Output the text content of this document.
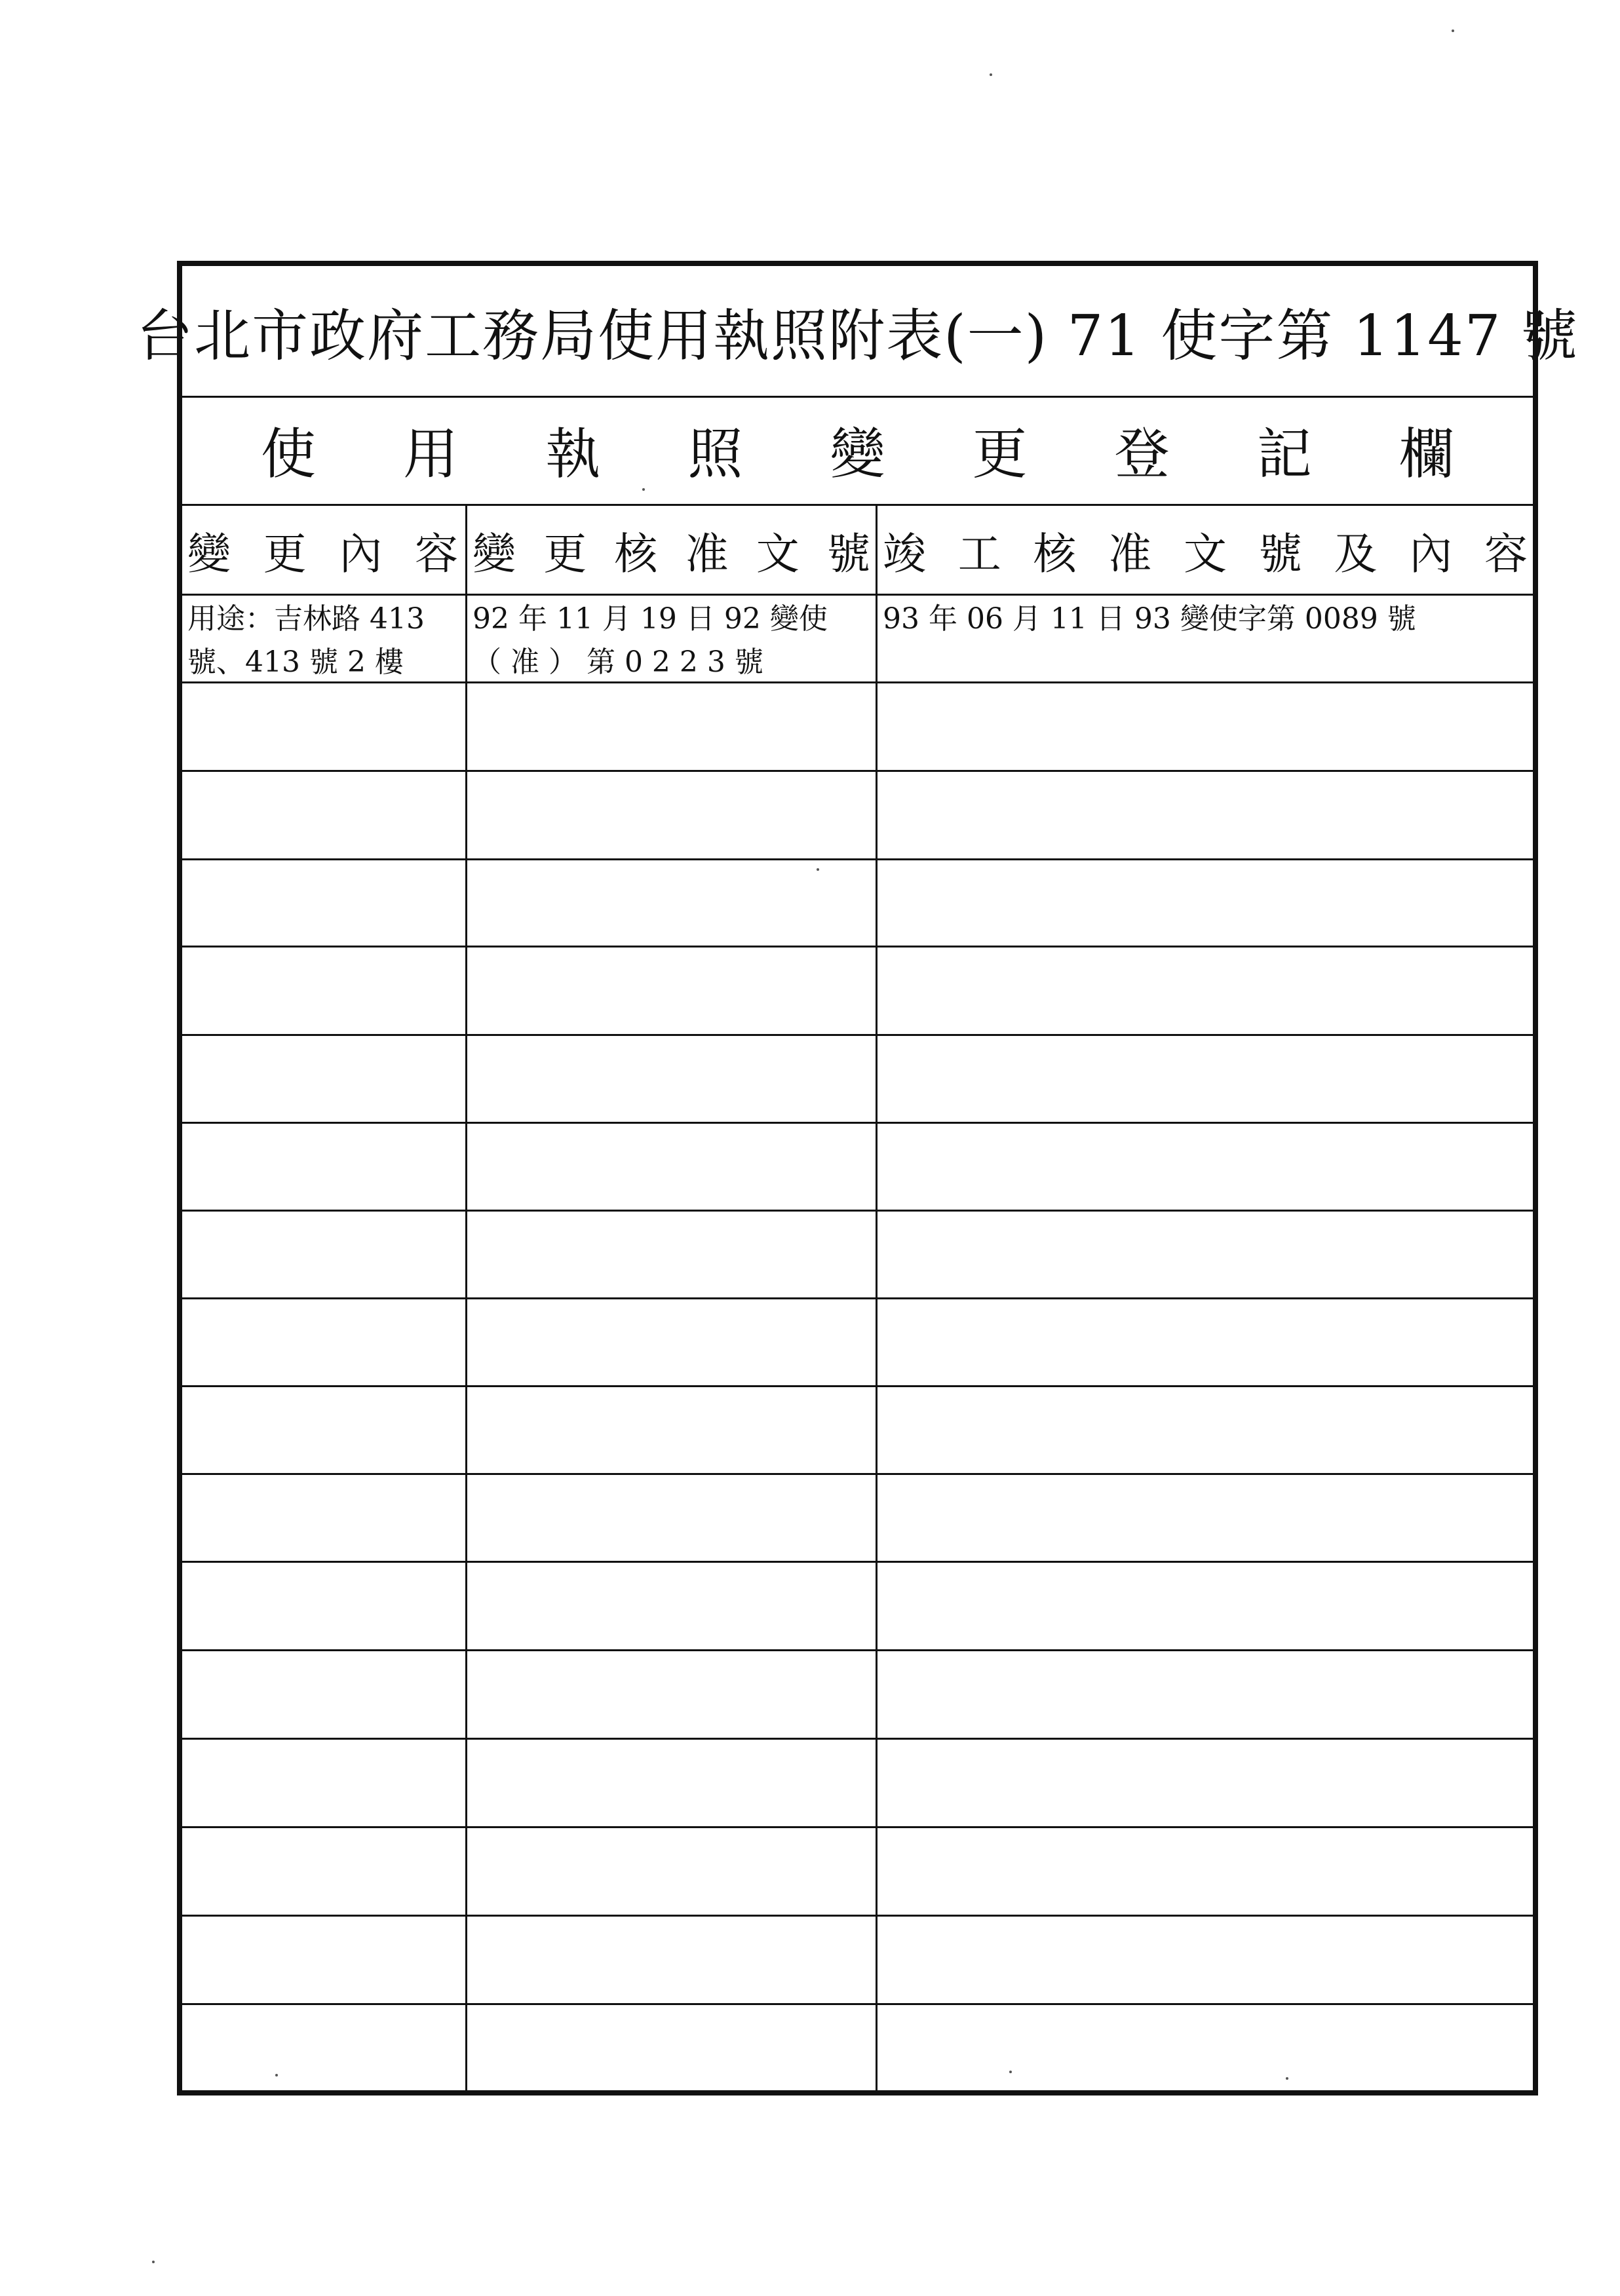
台北市政府工務局使用執照附表(一) 71 使字第 1147 號
使 用 執 照 變 更 登 記 欄
變 更 內 容 變 更 核 准 文 號 竣 工 核 准 文 號 及 內 容
用途：吉林路 413
號、413 號 2 樓
92 年 11 月 19 日 92 變使
（ 准 ） 第 0 2 2 3 號
93 年 06 月 11 日 93 變使字第 0089 號
